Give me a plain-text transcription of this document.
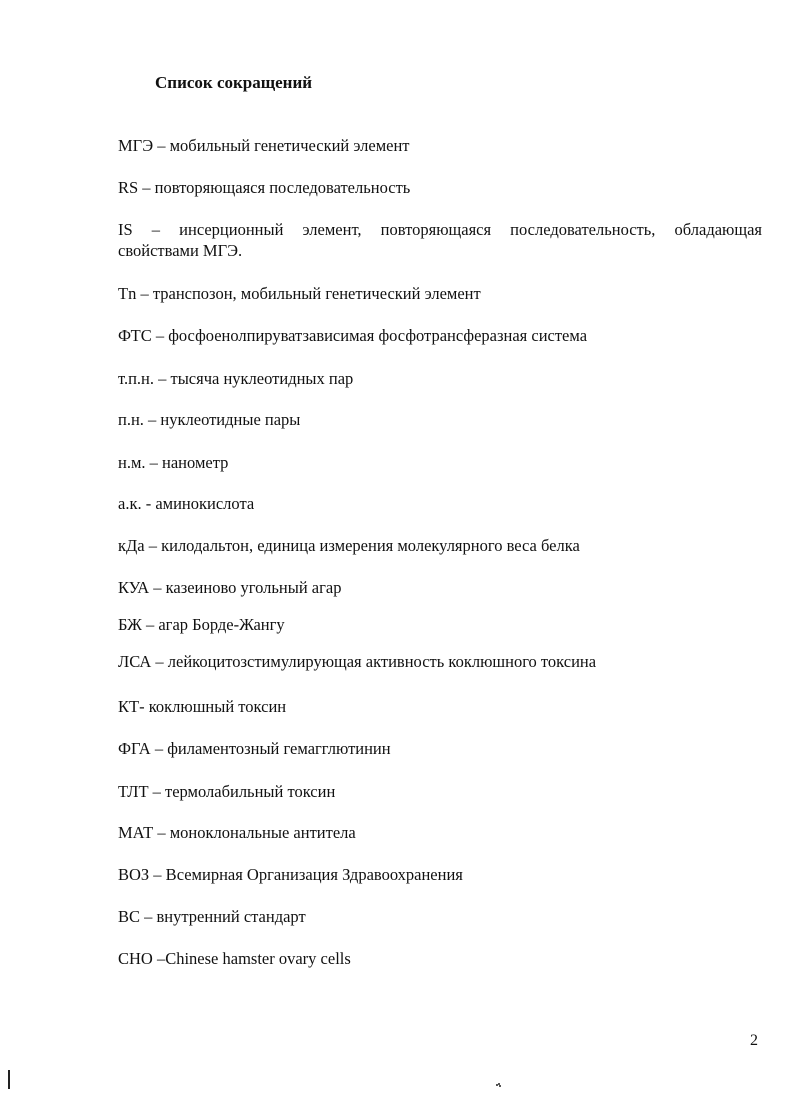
Список сокращений
МГЭ – мобильный генетический элемент
RS – повторяющаяся последовательность
IS – инсерционный элемент, повторяющаяся последовательность, обладающая
свойствами МГЭ.
Tn – транспозон, мобильный генетический элемент
ФТС – фосфоенолпируватзависимая фосфотрансферазная система
т.п.н. – тысяча нуклеотидных пар
п.н. – нуклеотидные пары
н.м. – нанометр
а.к. - аминокислота
кДа – килодальтон, единица измерения молекулярного веса белка
КУА – казеиново угольный агар
БЖ – агар Борде-Жангу
ЛСА – лейкоцитозстимулирующая активность коклюшного токсина
КТ- коклюшный токсин
ФГА – филаментозный гемагглютинин
ТЛТ – термолабильный токсин
МАТ – моноклональные антитела
ВОЗ – Всемирная Организация Здравоохранения
ВС – внутренний стандарт
CHO –Chinese hamster ovary cells
2
